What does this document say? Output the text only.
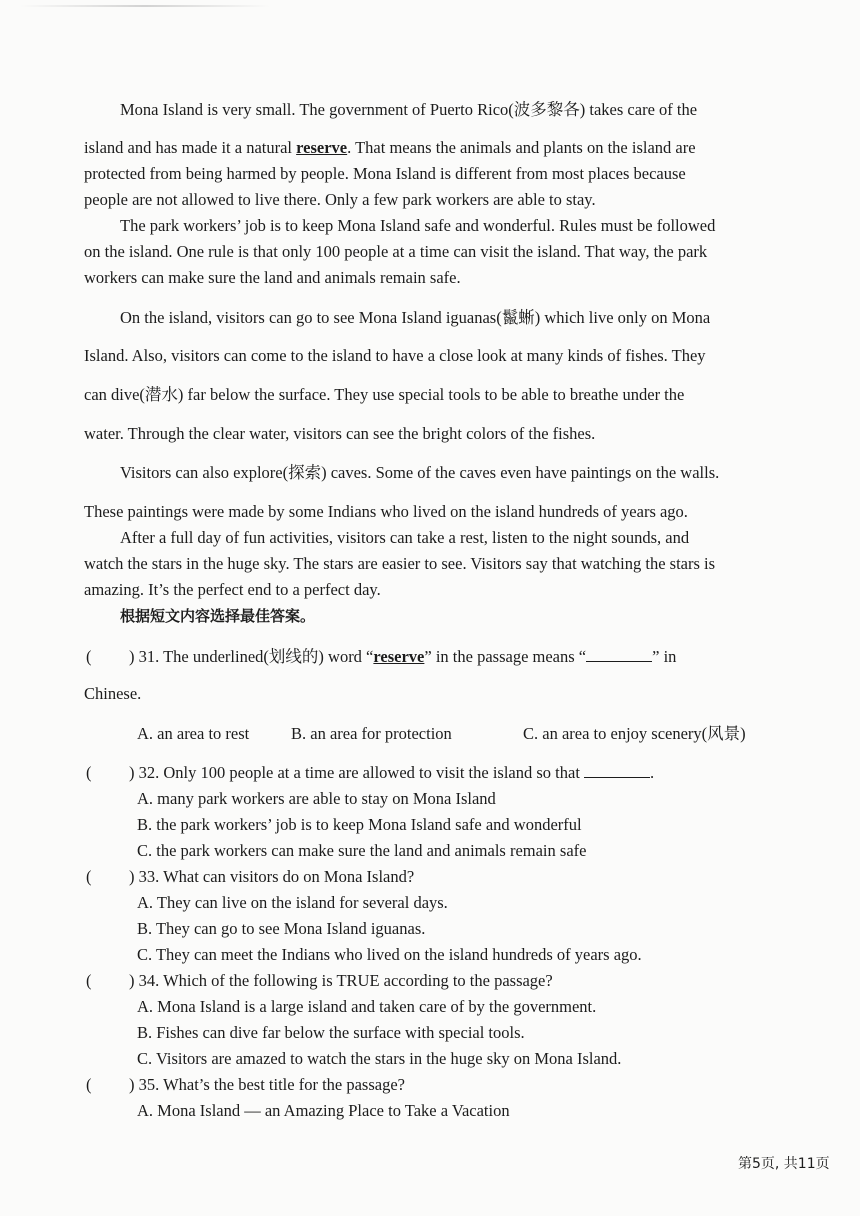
Mona Island is very small. The government of Puerto Rico(波多黎各) takes care of the
island and has made it a natural reserve. That means the animals and plants on the island are
protected from being harmed by people. Mona Island is different from most places because
people are not allowed to live there. Only a few park workers are able to stay.
The park workers’ job is to keep Mona Island safe and wonderful. Rules must be followed
on the island. One rule is that only 100 people at a time can visit the island. That way, the park
workers can make sure the land and animals remain safe.
On the island, visitors can go to see Mona Island iguanas(鬣蜥) which live only on Mona
Island. Also, visitors can come to the island to have a close look at many kinds of fishes. They
can dive(潜水) far below the surface. They use special tools to be able to breathe under the
water. Through the clear water, visitors can see the bright colors of the fishes.
Visitors can also explore(探索) caves. Some of the caves even have paintings on the walls.
These paintings were made by some Indians who lived on the island hundreds of years ago.
After a full day of fun activities, visitors can take a rest, listen to the night sounds, and
watch the stars in the huge sky. The stars are easier to see. Visitors say that watching the stars is
amazing. It’s the perfect end to a perfect day.
根据短文内容选择最佳答案。
( ) 31. The underlined(划线的) word “reserve” in the passage means “	” in
Chinese.
A. an area to rest	B. an area for protection	C. an area to enjoy scenery(风景)
( ) 32. Only 100 people at a time are allowed to visit the island so that	.
A. many park workers are able to stay on Mona Island
B. the park workers’ job is to keep Mona Island safe and wonderful
C. the park workers can make sure the land and animals remain safe
( ) 33. What can visitors do on Mona Island?
A. They can live on the island for several days.
B. They can go to see Mona Island iguanas.
C. They can meet the Indians who lived on the island hundreds of years ago.
( ) 34. Which of the following is TRUE according to the passage?
A. Mona Island is a large island and taken care of by the government.
B. Fishes can dive far below the surface with special tools.
C. Visitors are amazed to watch the stars in the huge sky on Mona Island.
( ) 35. What’s the best title for the passage?
A. Mona Island — an Amazing Place to Take a Vacation
第5页, 共11页
